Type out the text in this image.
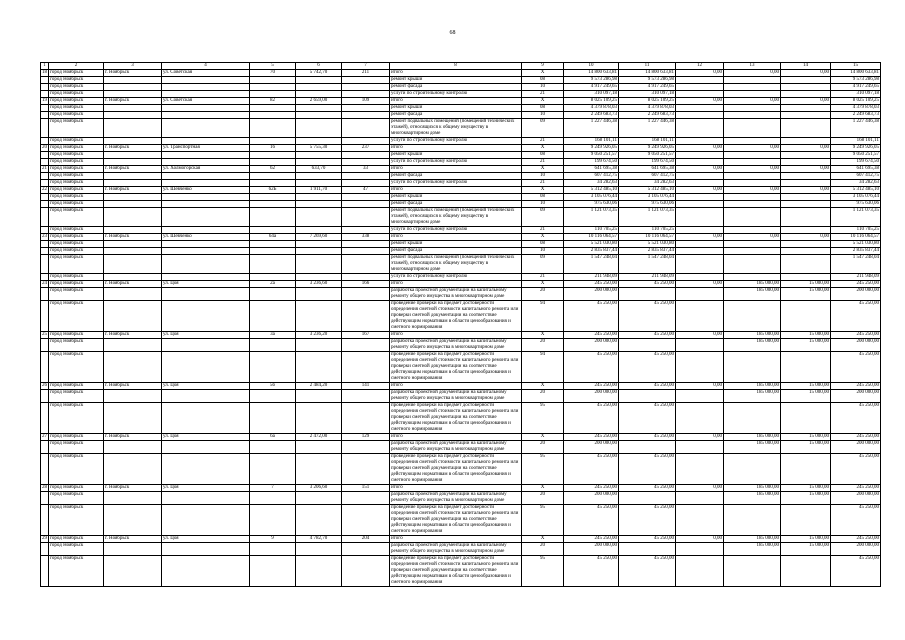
68
1	2	3	4	5	6	7	8	9	10	11	12	13	14	15
18	город Ноябрьск	г. Ноябрьск	ул. Советская	70	5 742,70	211	итого	X	14 800 633,81	14 800 633,81	0,00	0,00	0,00	14 800 633,81
	город Ноябрьск						ремонт крыши	08	9 573 286,98	9 573 286,98				9 573 286,98
	город Ноябрьск						ремонт фасада	10	4 917 249,65	4 917 249,65				4 917 249,65
	город Ноябрьск						услуги по строительному контролю	21	310 097,18	310 097,18				310 097,18
19	город Ноябрьск	г. Ноябрьск	ул. Советская	82	2 659,00	109	итого	X	8 025 109,25	8 025 109,25	0,00	0,00	0,00	8 025 109,25
	город Ноябрьск						ремонт крыши	08	4 379 878,03	4 379 878,03				4 379 878,03
	город Ноябрьск						ремонт фасада	10	2 249 683,73	2 249 683,73				2 249 683,73
	город Ноябрьск						ремонт подвальных помещений (помещений технических этажей), относящихся к общему имуществу в многоквартирном доме	09	1 227 446,38	1 227 446,38				1 227 446,38
	город Ноябрьск						услуги по строительному контролю	21	168 101,11	168 101,11				168 101,11
20	город Ноябрьск	г. Ноябрьск	ул. Транспортная	16	5 755,30	237	итого	X	9 249 926,05	9 249 926,05	0,00	0,00	0,00	9 249 926,05
	город Ноябрьск						ремонт крыши	08	9 050 251,57	9 050 251,57				9 050 251,57
	город Ноябрьск						услуги по строительному контролю	21	199 674,50	199 674,50				199 674,50
21	город Ноябрьск	г. Ноябрьск	ул. Холмогорская	62	633,70	33	итого	X	641 695,38	641 695,38	0,00	0,00	0,00	641 695,38
	город Ноябрьск						ремонт фасада	10	607 412,75	607 412,75				607 412,75
	город Ноябрьск						услуги по строительному контролю	21	34 282,63	34 282,63				34 282,63
22	город Ноябрьск	г. Ноябрьск	ул. Шевченко	62Б	1 911,70	47	итого	X	5 312 485,10	5 312 485,10	0,00	0,00	0,00	5 312 485,10
	город Ноябрьск						ремонт крыши	08	3 105 076,44	3 105 076,44				3 105 076,44
	город Ноябрьск						ремонт фасада	10	975 630,06	975 630,06				975 630,06
	город Ноябрьск						ремонт подвальных помещений (помещений технических этажей), относящихся к общему имуществу в многоквартирном доме	09	1 121 073,35	1 121 073,35				1 121 073,35
	город Ноябрьск						услуги по строительному контролю	21	110 705,25	110 705,25				110 705,25
23	город Ноябрьск	г. Ноябрьск	ул. Шевченко	64а	7 269,60	338	итого	X	10 116 064,57	10 116 064,57	0,00	0,00	0,00	10 116 064,57
	город Ноябрьск						ремонт крыши	08	5 521 030,80	5 521 030,80				5 521 030,80
	город Ноябрьск						ремонт фасада	10	2 835 837,44	2 835 837,44				2 835 837,44
	город Ноябрьск						ремонт подвальных помещений (помещений технических этажей), относящихся к общему имуществу в многоквартирном доме	09	1 547 248,04	1 547 248,04				1 547 248,04
	город Ноябрьск						услуги по строительному контролю	21	211 948,09	211 948,09				211 948,09
24	город Ноябрьск	г. Ноябрьск	ул. Цоя	2а	3 236,60	166	итого	X	245 250,00	45 250,00	0,00	185 000,00	15 000,00	245 250,00
	город Ноябрьск						разработка проектной документации на капитальному ремонту общего имущества в многоквартирном доме	20	200 000,00			185 000,00	15 000,00	200 000,00
	город Ноябрьск						проведение проверки на предмет достоверности определения сметной стоимости капитального ремонта или проверки сметной документации на соответствие действующим нормативам в области ценообразования и сметного нормирования	94	45 250,00	45 250,00				45 250,00
25	город Ноябрьск	г. Ноябрьск	ул. Цоя	3а	3 236,20	167	итого	X	245 250,00	45 250,00	0,00	185 000,00	15 000,00	245 250,00
	город Ноябрьск						разработка проектной документации на капитальному ремонту общего имущества в многоквартирном доме	20	200 000,00			185 000,00	15 000,00	200 000,00
	город Ноябрьск						проведение проверки на предмет достоверности определения сметной стоимости капитального ремонта или проверки сметной документации на соответствие действующим нормативам в области ценообразования и сметного нормирования	94	45 250,00	45 250,00				45 250,00
26	город Ноябрьск	г. Ноябрьск	ул. Цоя	5б	2 484,20	141	итого	X	245 250,00	45 250,00	0,00	185 000,00	15 000,00	245 250,00
	город Ноябрьск						разработка проектной документации на капитальному ремонту общего имущества в многоквартирном доме	20	200 000,00			185 000,00	15 000,00	200 000,00
	город Ноябрьск						проведение проверки на предмет достоверности определения сметной стоимости капитального ремонта или проверки сметной документации на соответствие действующим нормативам в области ценообразования и сметного нормирования	95	45 250,00	45 250,00				45 250,00
27	город Ноябрьск	г. Ноябрьск	ул. Цоя	6а	2 472,00	129	итого	X	245 250,00	45 250,00	0,00	185 000,00	15 000,00	245 250,00
	город Ноябрьск						разработка проектной документации на капитальному ремонту общего имущества в многоквартирном доме	20	200 000,00			185 000,00	15 000,00	200 000,00
	город Ноябрьск						проведение проверки на предмет достоверности определения сметной стоимости капитального ремонта или проверки сметной документации на соответствие действующим нормативам в области ценообразования и сметного нормирования	95	45 250,00	45 250,00				45 250,00
28	город Ноябрьск	г. Ноябрьск	ул. Цоя	7	3 206,60	151	итого	X	245 250,00	45 250,00	0,00	185 000,00	15 000,00	245 250,00
	город Ноябрьск						разработка проектной документации на капитальному ремонту общего имущества в многоквартирном доме	20	200 000,00			185 000,00	15 000,00	200 000,00
	город Ноябрьск						проведение проверки на предмет достоверности определения сметной стоимости капитального ремонта или проверки сметной документации на соответствие действующим нормативам в области ценообразования и сметного нормирования	95	45 250,00	45 250,00				45 250,00
29	город Ноябрьск	г. Ноябрьск	ул. Цоя	9	4 782,70	204	итого	X	245 250,00	45 250,00	0,00	185 000,00	15 000,00	245 250,00
	город Ноябрьск						разработка проектной документации на капитальному ремонту общего имущества в многоквартирном доме	20	200 000,00			185 000,00	15 000,00	200 000,00
	город Ноябрьск						проведение проверки на предмет достоверности определения сметной стоимости капитального ремонта или проверки сметной документации на соответствие действующим нормативам в области ценообразования и сметного нормирования	95	45 250,00	45 250,00				45 250,00
